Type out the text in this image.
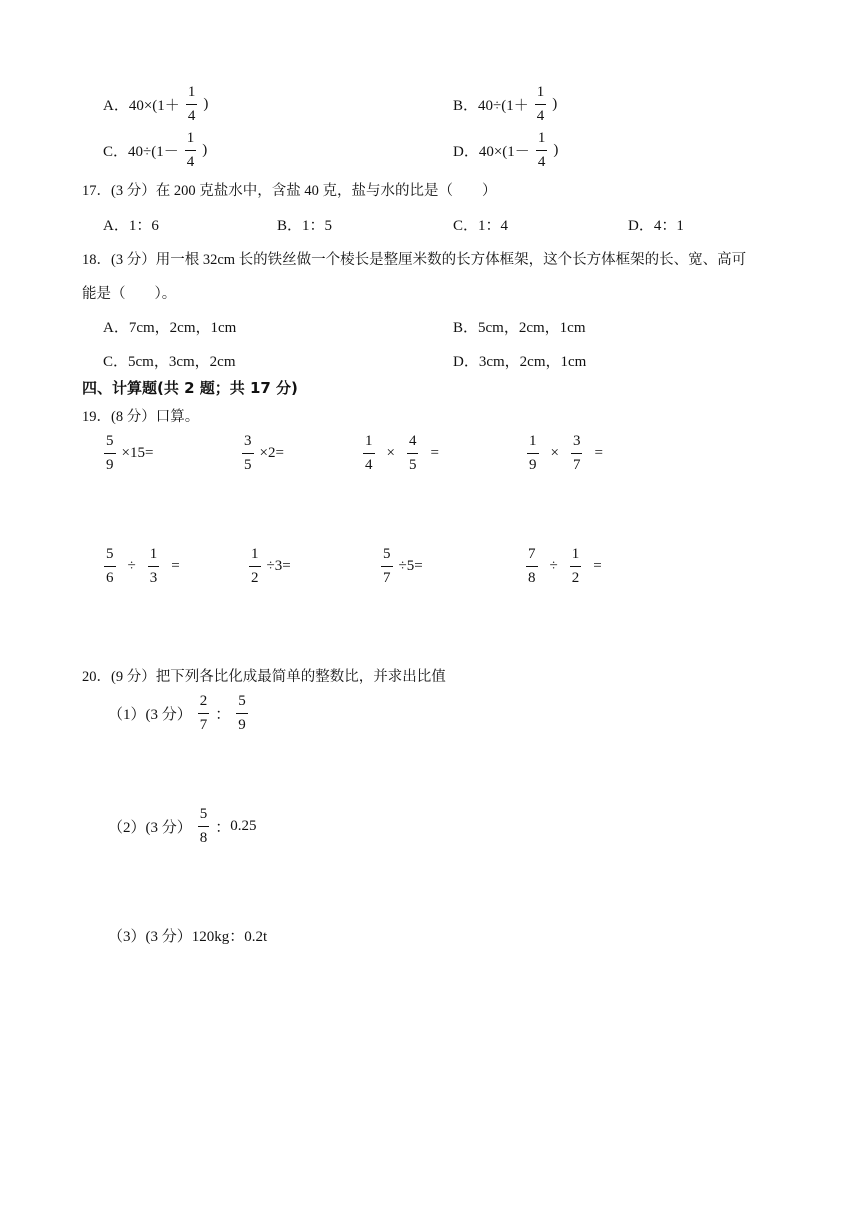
A． $40\times(1+ \frac{1}{4}$ )	B． $40\div(1+ \frac{1}{4}$ )
C． $40\div(1- \frac{1}{4}$ )	D． $40\times(1- \frac{1}{4}$ )
17．(3 分）在 200 克盐水中，含盐 40 克，盐与水的比是（　　）
A．1：6	B．1：5	C．1：4	D．4：1
18．(3 分）用一根 32cm 长的铁丝做一个棱长是整厘米数的长方体框架，这个长方体框架的长、宽、高可
能是（　　）。
A．7cm，2cm，1cm	B．5cm，2cm，1cm
C．5cm，3cm，2cm	D．3cm，2cm，1cm
四、计算题(共 2 题；共 17 分)
19．(8 分）口算。
$\frac{5}{9} \times 15=$	$\frac{3}{5} \times 2=$	$\frac{1}{4} \times \frac{4}{5}$ =	$\frac{1}{9} \times \frac{3}{7}$ =
$\frac{5}{6} \div \frac{1}{3}$ =	$\frac{1}{2} \div 3=$	$\frac{5}{7} \div 5=$	$\frac{7}{8} \div \frac{1}{2}$ =
20．(9 分）把下列各比化成最简单的整数比，并求出比值
（1）(3 分） $\frac{2}{7}$ ： $\frac{5}{9}$
（2）(3 分） $\frac{5}{8}$ ： 0.25
（3）(3 分）120kg：0.2t
